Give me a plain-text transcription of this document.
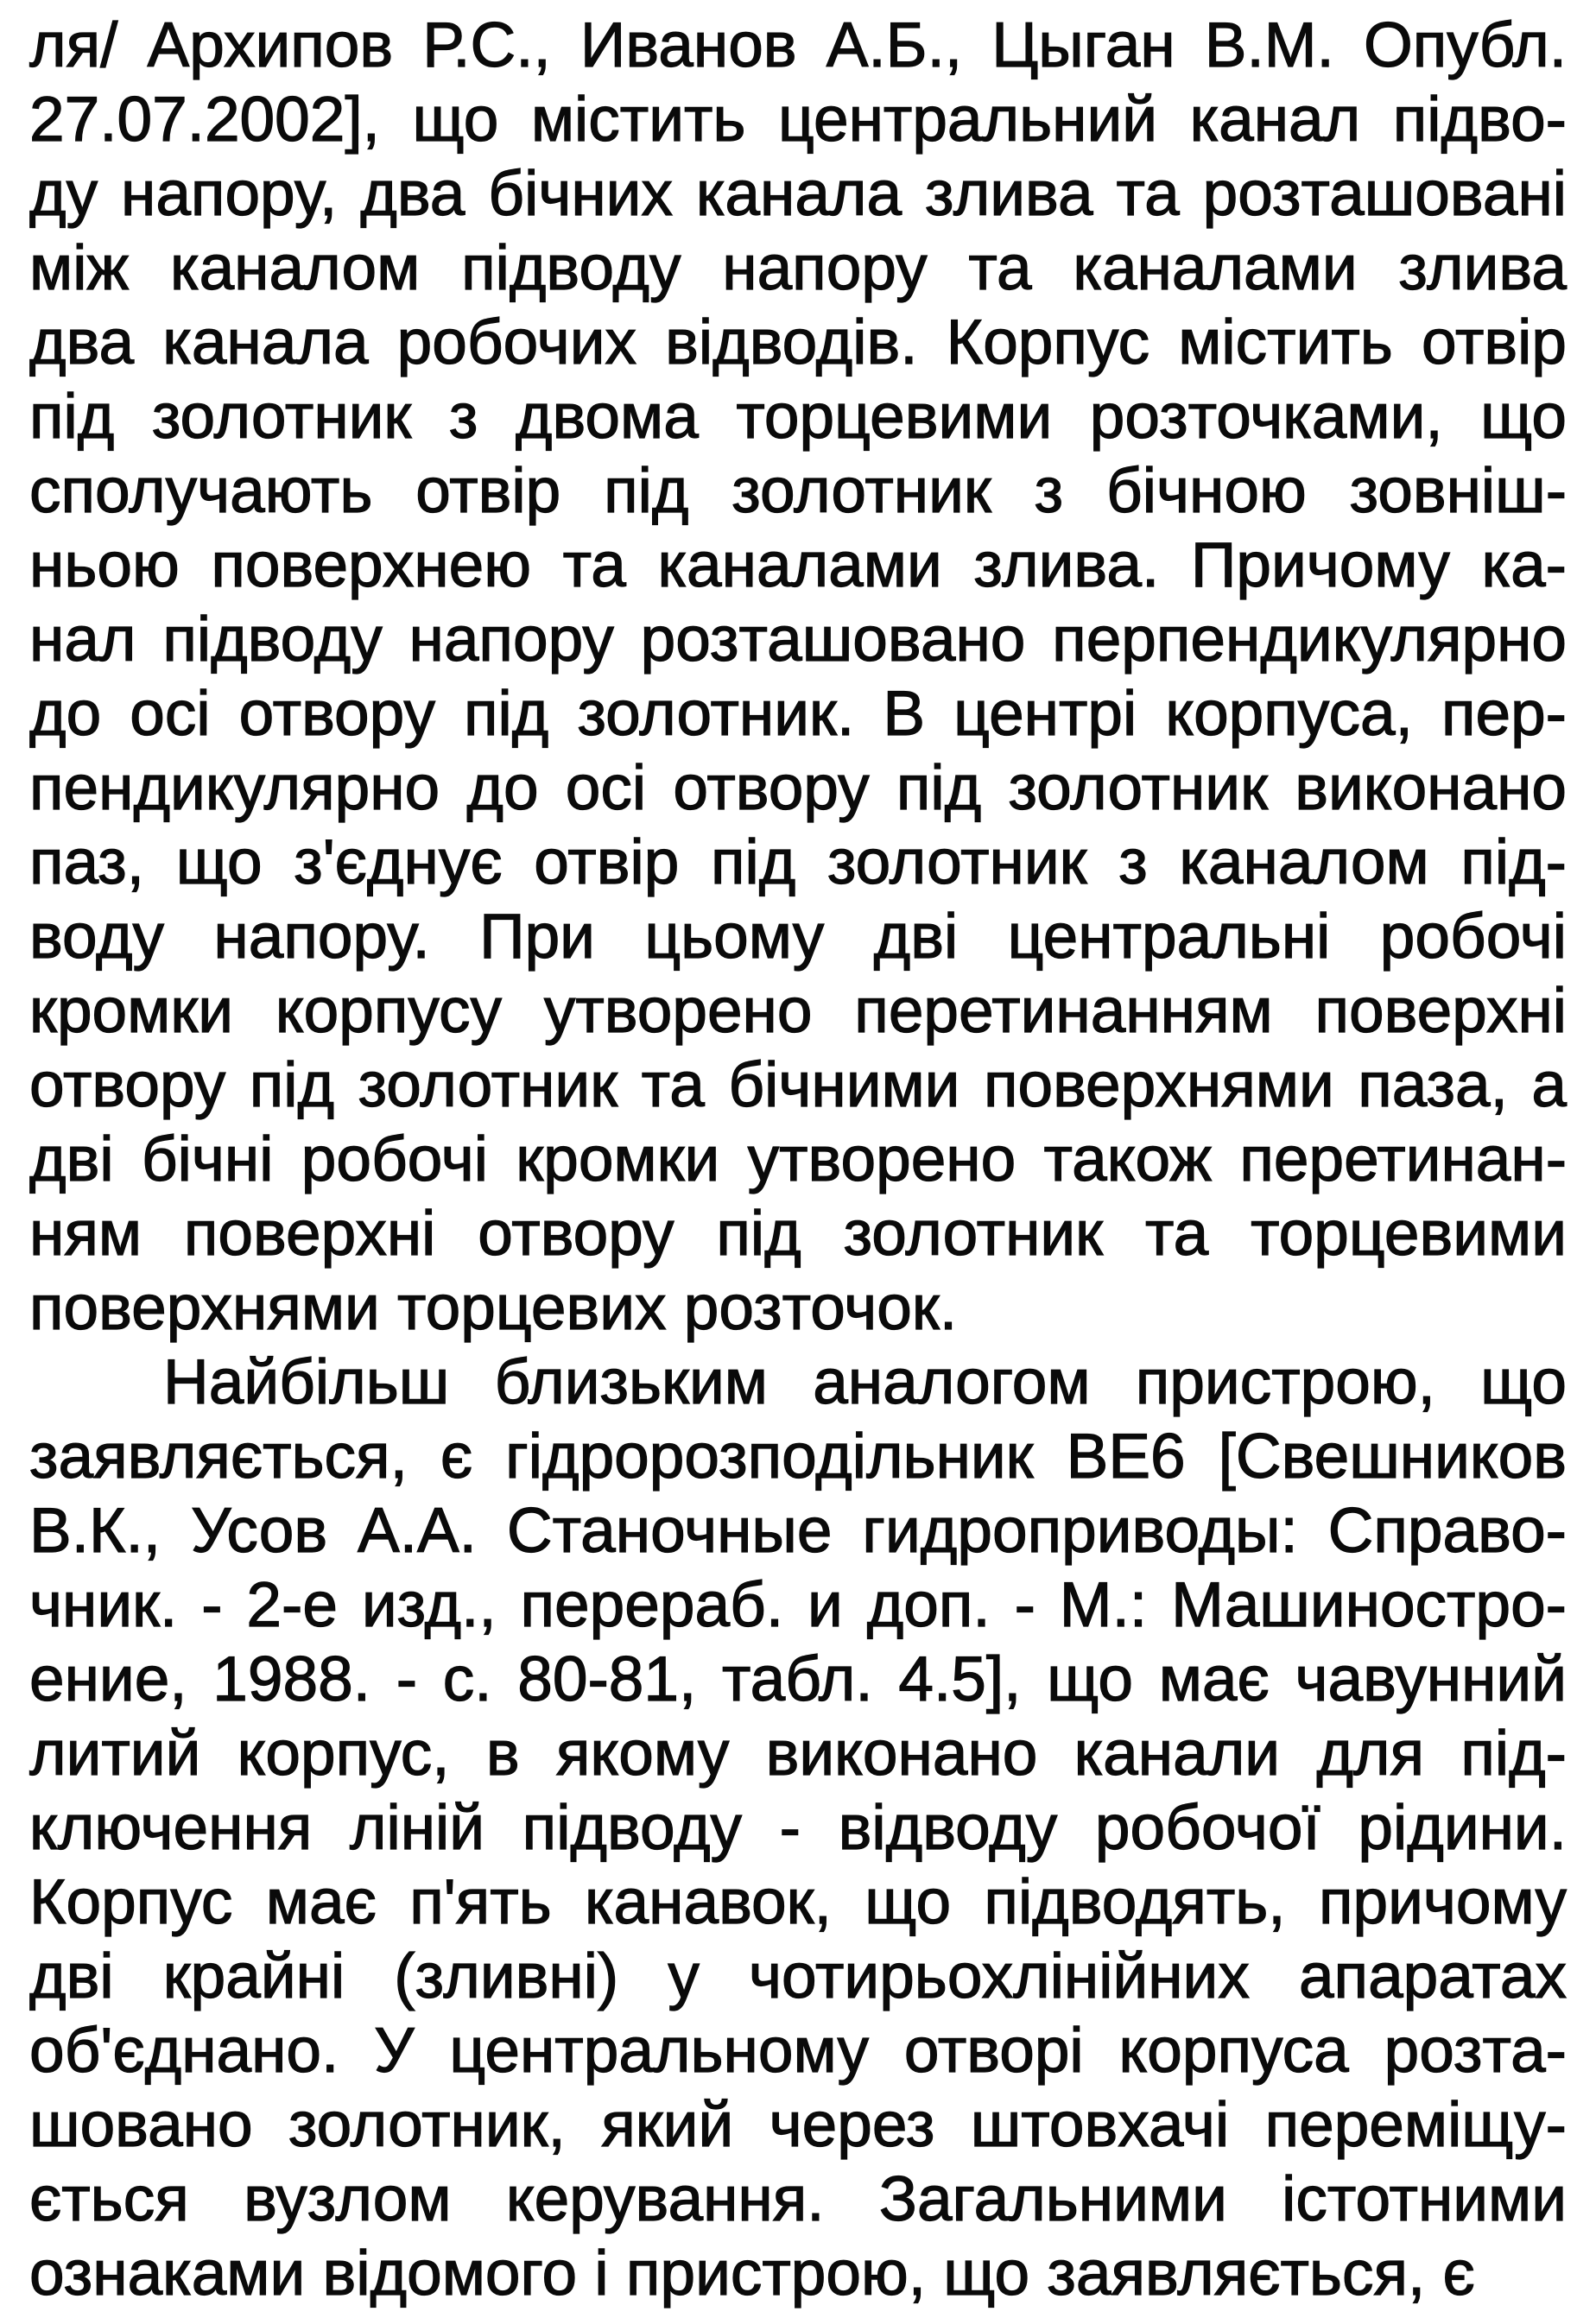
ля/ Архипов Р.С., Иванов А.Б., Цыган В.М. Опубл.
27.07.2002], що містить центральний канал підво-
ду напору, два бічних канала злива та розташовані
між каналом підводу напору та каналами злива
два канала робочих відводів. Корпус містить отвір
під золотник з двома торцевими розточками, що
сполучають отвір під золотник з бічною зовніш-
ньою поверхнею та каналами злива. Причому ка-
нал підводу напору розташовано перпендикулярно
до осі отвору під золотник. В центрі корпуса, пер-
пендикулярно до осі отвору під золотник виконано
паз, що з'єднує отвір під золотник з каналом під-
воду напору. При цьому дві центральні робочі
кромки корпусу утворено перетинанням поверхні
отвору під золотник та бічними поверхнями паза, а
дві бічні робочі кромки утворено також перетинан-
ням поверхні отвору під золотник та торцевими
поверхнями торцевих розточок.
Найбільш близьким аналогом пристрою, що
заявляється, є гідророзподільник ВЕ6 [Свешников
В.К., Усов А.А. Станочные гидроприводы: Справо-
чник. - 2-е изд., перераб. и доп. - М.: Машиностро-
ение, 1988. - с. 80-81, табл. 4.5], що має чавунний
литий корпус, в якому виконано канали для під-
ключення ліній підводу - відводу робочої рідини.
Корпус має п'ять канавок, що підводять, причому
дві крайні (зливні) у чотирьохлінійних апаратах
об'єднано. У центральному отворі корпуса розта-
шовано золотник, який через штовхачі переміщу-
ється вузлом керування. Загальними істотними
ознаками відомого і пристрою, що заявляється, є
